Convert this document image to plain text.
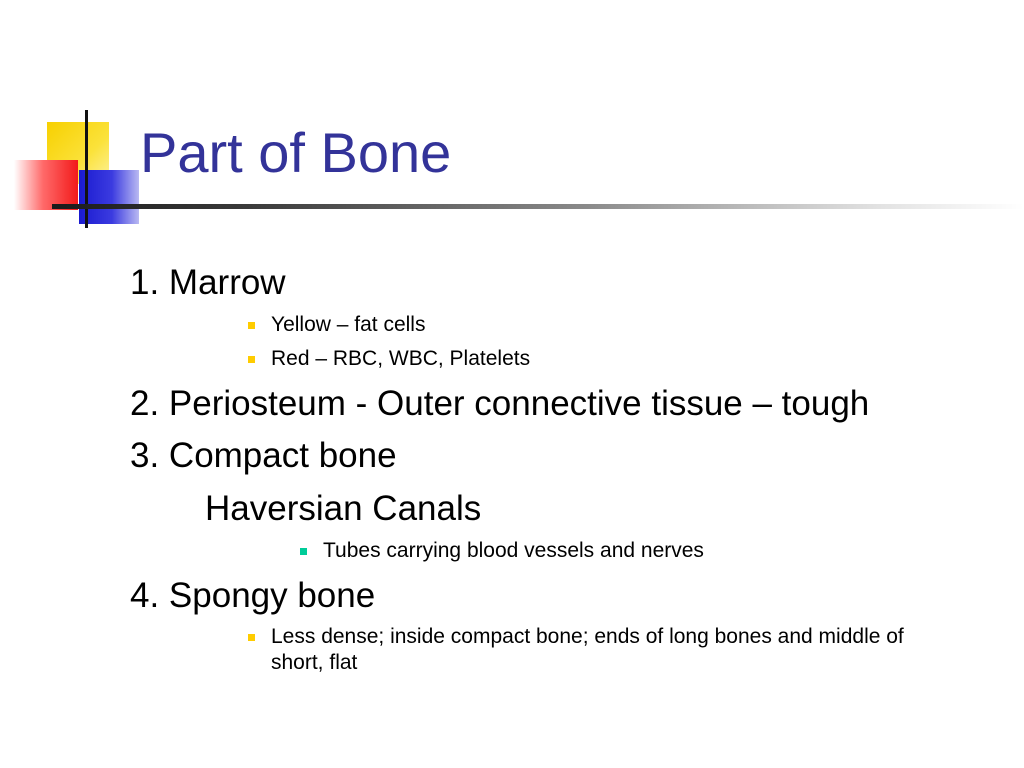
Part of Bone

1. Marrow

Yellow – fat cells

Red – RBC, WBC, Platelets

2. Periosteum - Outer connective tissue – tough

3. Compact bone

Haversian Canals

Tubes carrying blood vessels and nerves

4. Spongy bone

Less dense; inside compact bone; ends of long bones and middle of short, flat
